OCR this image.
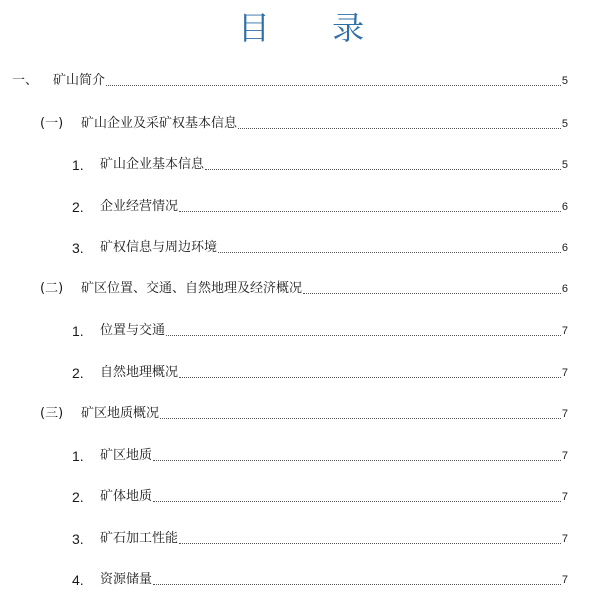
目 录
一、	矿山简介	5
(一)	矿山企业及采矿权基本信息	5
1.	矿山企业基本信息	5
2.	企业经营情况	6
3.	矿权信息与周边环境	6
(二)	矿区位置、交通、自然地理及经济概况	6
1.	位置与交通	7
2.	自然地理概况	7
(三)	矿区地质概况	7
1.	矿区地质	7
2.	矿体地质	7
3.	矿石加工性能	7
4.	资源储量	7
